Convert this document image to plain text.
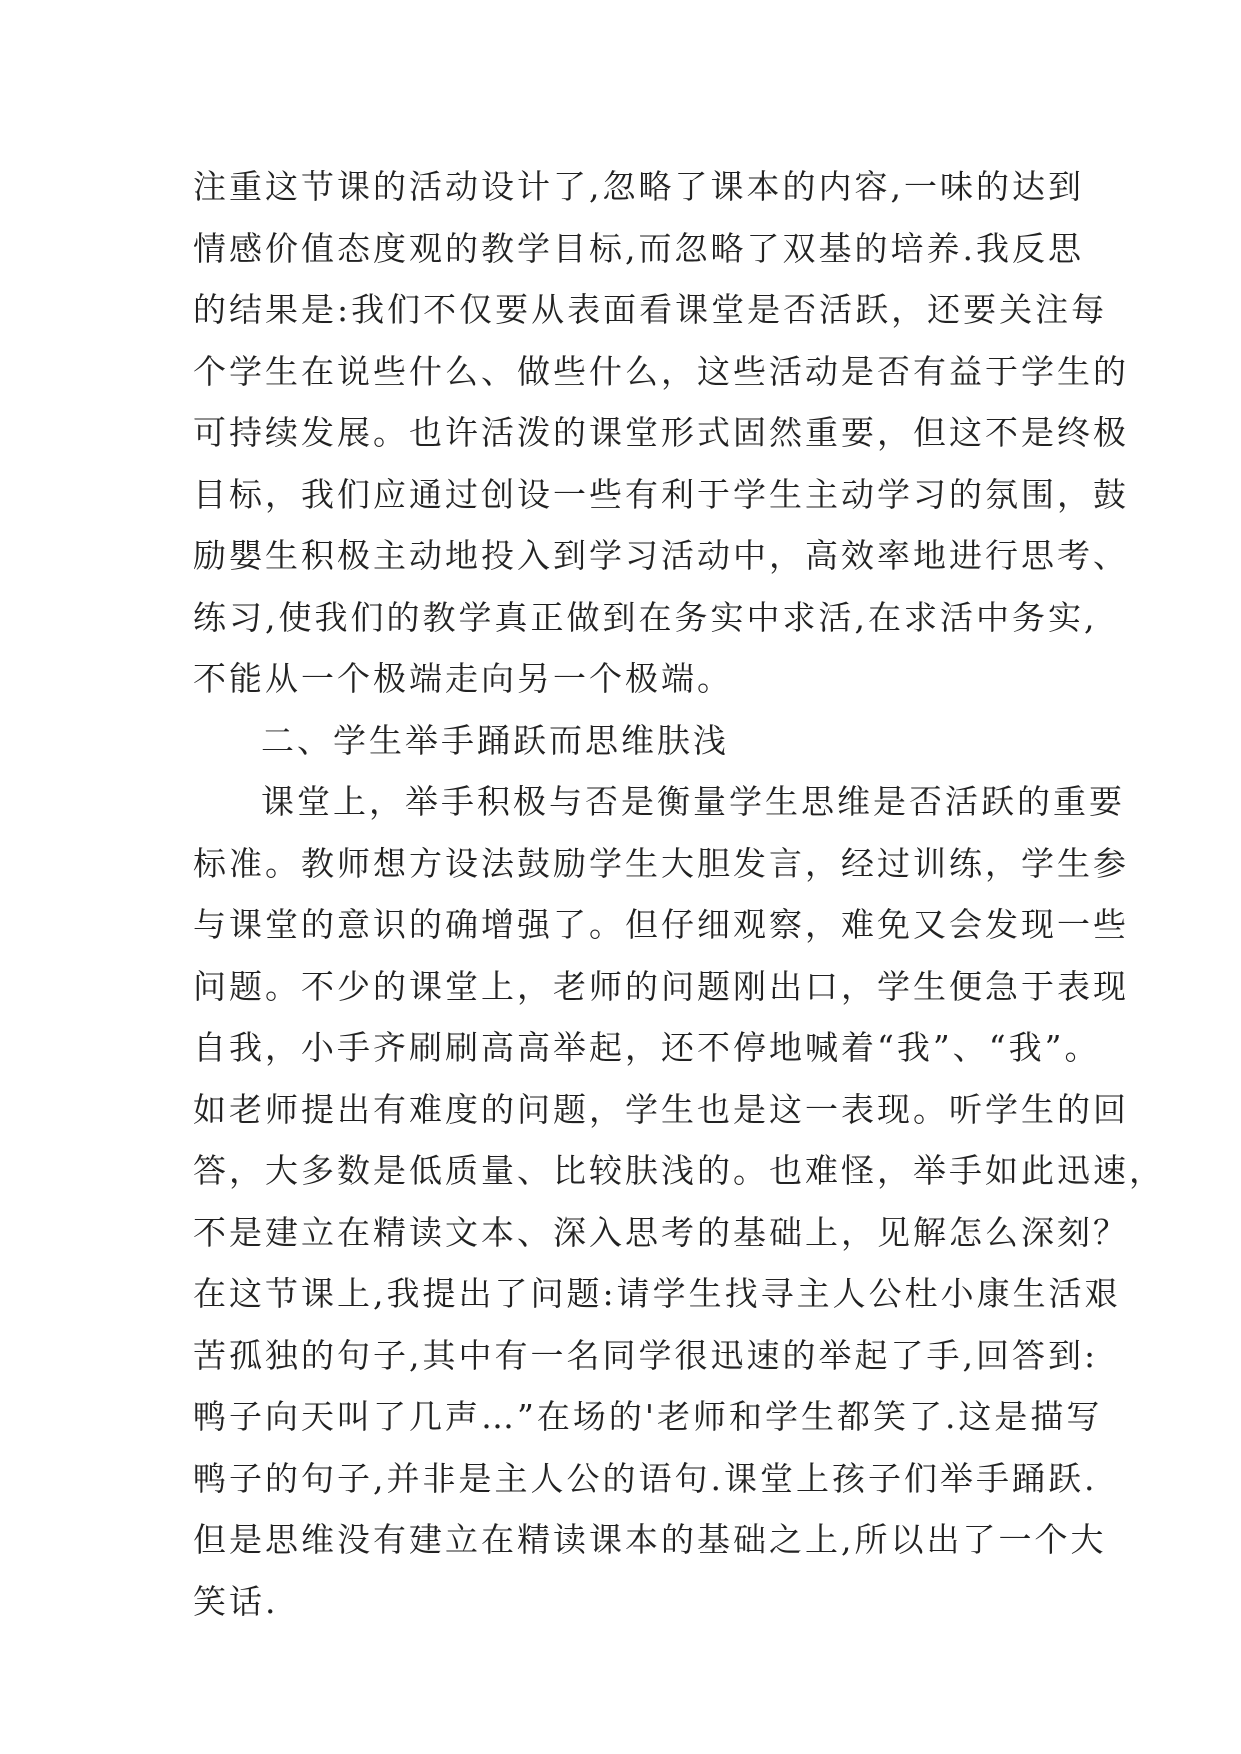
注重这节课的活动设计了,忽略了课本的内容,一味的达到
情感价值态度观的教学目标,而忽略了双基的培养.我反思
的结果是:我们不仅要从表面看课堂是否活跃，还要关注每
个学生在说些什么、做些什么，这些活动是否有益于学生的
可持续发展。也许活泼的课堂形式固然重要，但这不是终极
目标，我们应通过创设一些有利于学生主动学习的氛围，鼓
励嬰生积极主动地投入到学习活动中，高效率地进行思考、
练习,使我们的教学真正做到在务实中求活,在求活中务实,
不能从一个极端走向另一个极端。
二、学生举手踊跃而思维肤浅
课堂上，举手积极与否是衡量学生思维是否活跃的重要
标准。教师想方设法鼓励学生大胆发言，经过训练，学生参
与课堂的意识的确增强了。但仔细观察，难免又会发现一些
问题。不少的课堂上，老师的问题刚出口，学生便急于表现
自我，小手齐刷刷高高举起，还不停地喊着“我”、“我”。
如老师提出有难度的问题，学生也是这一表现。听学生的回
答，大多数是低质量、比较肤浅的。也难怪，举手如此迅速，
不是建立在精读文本、深入思考的基础上，见解怎么深刻？
在这节课上,我提出了问题:请学生找寻主人公杜小康生活艰
苦孤独的句子,其中有一名同学很迅速的举起了手,回答到:
鸭子向天叫了几声…”在场的'老师和学生都笑了.这是描写
鸭子的句子,并非是主人公的语句.课堂上孩子们举手踊跃.
但是思维没有建立在精读课本的基础之上,所以出了一个大
笑话.
